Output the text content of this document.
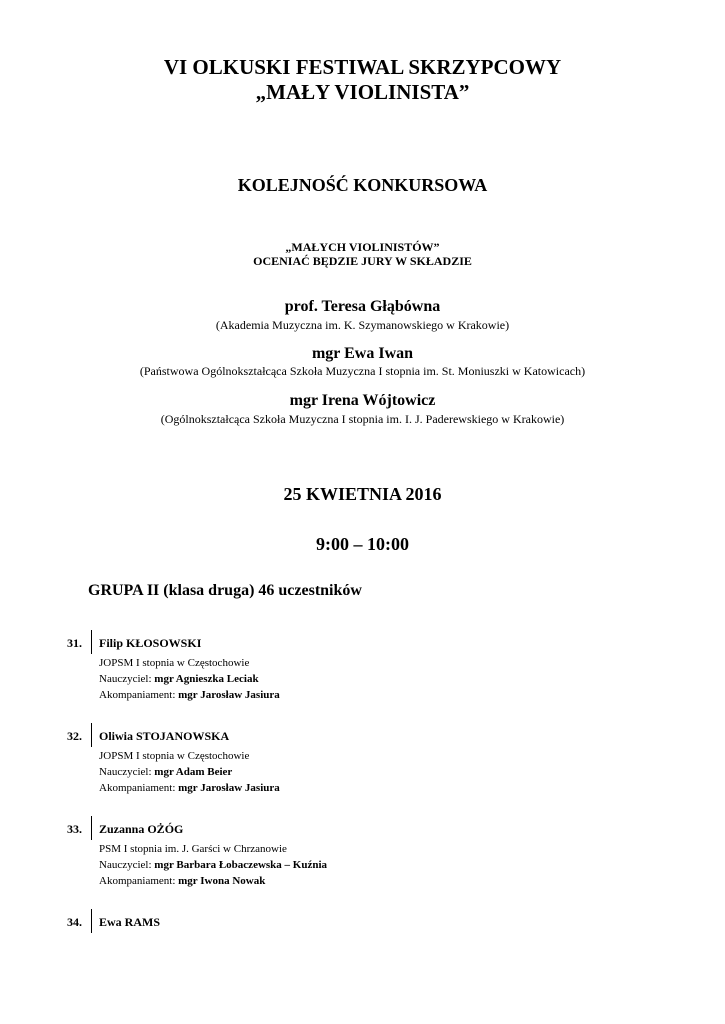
VI OLKUSKI FESTIWAL SKRZYPCOWY
„MAŁY VIOLINISTA”
KOLEJNOŚĆ KONKURSOWA
„MAŁYCH VIOLINISTÓW”
OCENIAĆ BĘDZIE JURY W SKŁADZIE
prof. Teresa Głąbówna
(Akademia Muzyczna im. K. Szymanowskiego w Krakowie)
mgr Ewa Iwan
(Państwowa Ogólnokształcąca Szkoła Muzyczna I stopnia im. St. Moniuszki w Katowicach)
mgr Irena Wójtowicz
(Ogólnokształcąca Szkoła Muzyczna I stopnia im. I. J. Paderewskiego w Krakowie)
25 KWIETNIA 2016
9:00 – 10:00
GRUPA II (klasa druga) 46 uczestników
31. Filip KŁOSOWSKI
JOPSM I stopnia w Częstochowie
Nauczyciel: mgr Agnieszka Leciak
Akompaniament: mgr Jarosław Jasiura
32. Oliwia STOJANOWSKA
JOPSM I stopnia w Częstochowie
Nauczyciel: mgr Adam Beier
Akompaniament: mgr Jarosław Jasiura
33. Zuzanna OŻÓG
PSM I stopnia im. J. Garści w Chrzanowie
Nauczyciel: mgr Barbara Łobaczewska – Kuźnia
Akompaniament: mgr Iwona Nowak
34. Ewa RAMS
